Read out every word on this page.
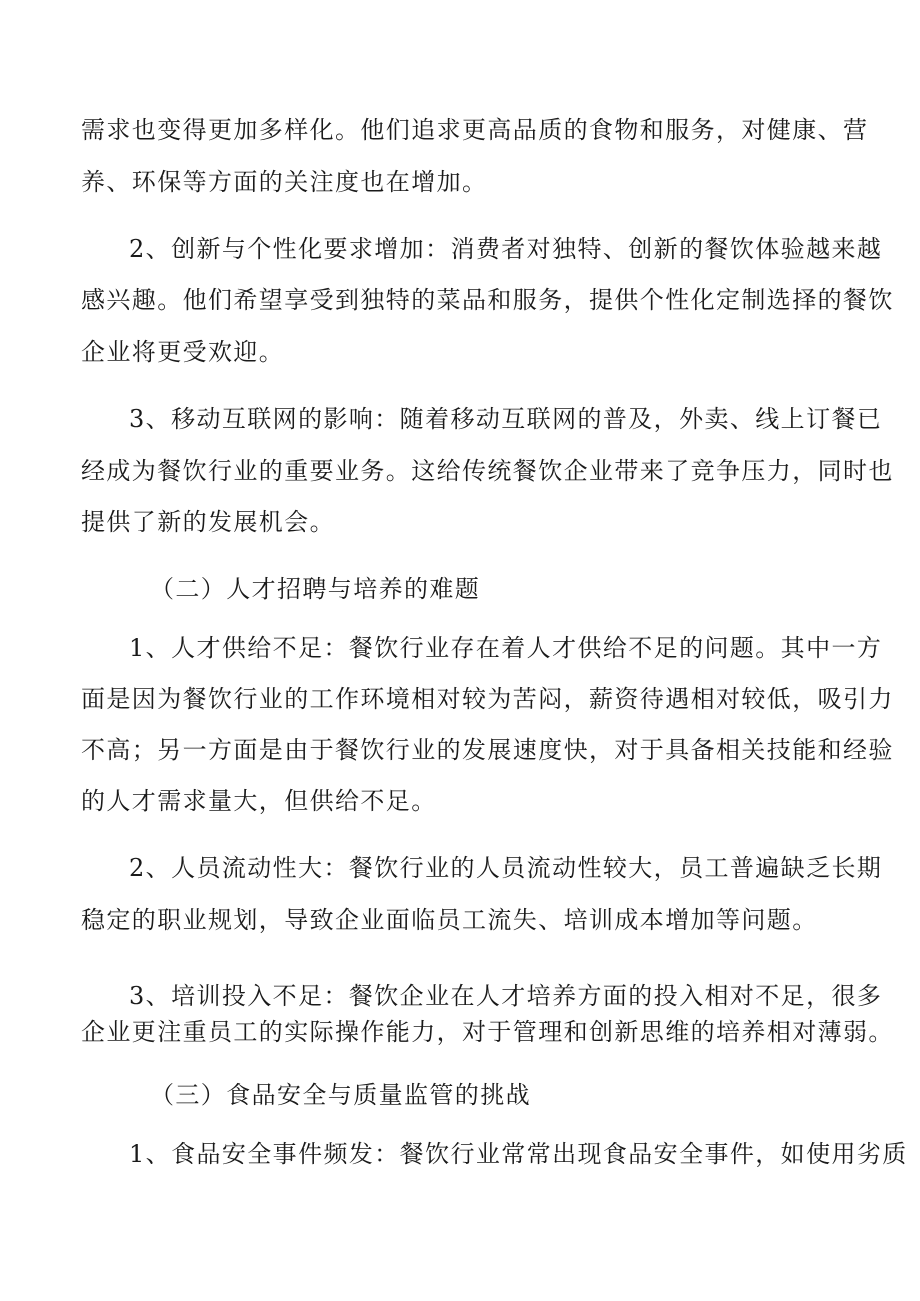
需求也变得更加多样化。他们追求更高品质的食物和服务，对健康、营
养、环保等方面的关注度也在增加。
2、创新与个性化要求增加：消费者对独特、创新的餐饮体验越来越
感兴趣。他们希望享受到独特的菜品和服务，提供个性化定制选择的餐饮
企业将更受欢迎。
3、移动互联网的影响：随着移动互联网的普及，外卖、线上订餐已
经成为餐饮行业的重要业务。这给传统餐饮企业带来了竞争压力，同时也
提供了新的发展机会。
（二）人才招聘与培养的难题
1、人才供给不足：餐饮行业存在着人才供给不足的问题。其中一方
面是因为餐饮行业的工作环境相对较为苦闷，薪资待遇相对较低，吸引力
不高；另一方面是由于餐饮行业的发展速度快，对于具备相关技能和经验
的人才需求量大，但供给不足。
2、人员流动性大：餐饮行业的人员流动性较大，员工普遍缺乏长期
稳定的职业规划，导致企业面临员工流失、培训成本增加等问题。
3、培训投入不足：餐饮企业在人才培养方面的投入相对不足，很多
企业更注重员工的实际操作能力，对于管理和创新思维的培养相对薄弱。
（三）食品安全与质量监管的挑战
1、食品安全事件频发：餐饮行业常常出现食品安全事件，如使用劣质
